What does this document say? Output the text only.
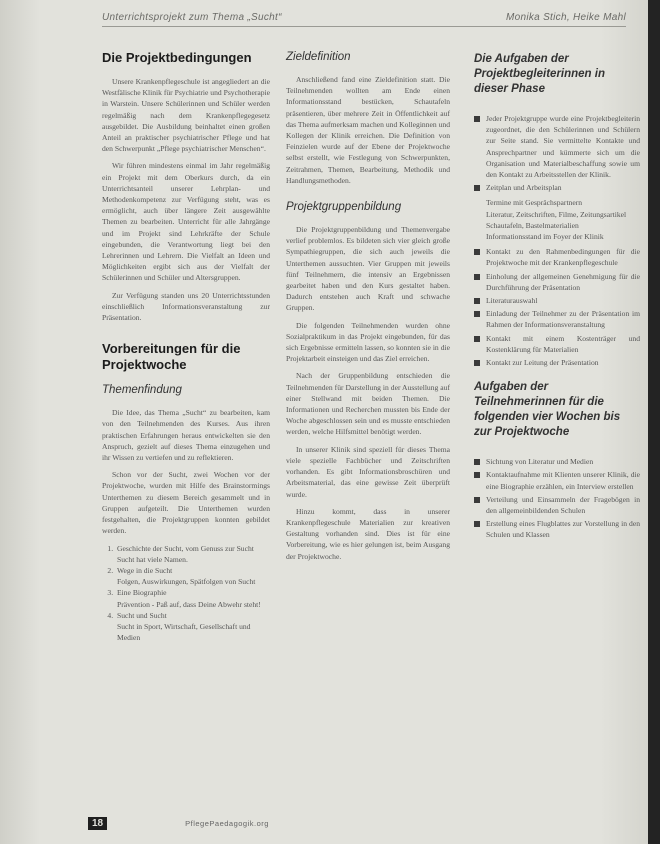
Unterrichtsprojekt zum Thema „Sucht“	Monika Stich, Heike Mahl
Die Projektbedingungen

Unsere Krankenpflegeschule ist angegliedert an die Westfälische Klinik für Psychiatrie und Psychotherapie in Warstein. Unsere Schülerinnen und Schüler werden regelmäßig nach dem Krankenpflegegesetz ausgebildet. Die Ausbildung beinhaltet einen großen Anteil an praktischer psychiatrischer Pflege und hat den Schwerpunkt „Pflege psychiatrischer Menschen“.

Wir führen mindestens einmal im Jahr regelmäßig ein Projekt mit dem Oberkurs durch, da ein Unterrichtsanteil unserer Lehrplan- und Methodenkompetenz zur Verfügung steht, was es ermöglicht, auch über längere Zeit ausgewählte Themen zu bearbeiten. Unterricht für alle Jahrgänge und im Projekt sind Lehrkräfte der Schule eingebunden, die Verantwortung liegt bei den Lehrerinnen und Lehrern. Die Vielfalt an Ideen und Möglichkeiten ergibt sich aus der Vielfalt der Schülerinnen und Schüler und Altersgruppen.

Zur Verfügung standen uns 20 Unterrichtsstunden einschließlich Informationsveranstaltung zur Präsentation.

Vorbereitungen für die Projektwoche
Themenfindung

Die Idee, das Thema „Sucht“ zu bearbeiten, kam von den Teilnehmenden des Kurses. Aus ihren praktischen Erfahrungen heraus entwickelten sie den Anspruch, gezielt auf dieses Thema einzugehen und ihr Wissen zu vertiefen und zu reflektieren.

Schon vor der Sucht, zwei Wochen vor der Projektwoche, wurden mit Hilfe des Brainstormings Unterthemen zu diesem Bereich gesammelt und in Gruppen aufgeteilt. Die Unterthemen wurden festgehalten, die Projektgruppen konnten gebildet werden.

1. Geschichte der Sucht, vom Genuss zur Sucht
Sucht hat viele Namen.
2. Wege in die Sucht
Folgen, Auswirkungen, Spätfolgen von Sucht
3. Eine Biographie
Prävention - Paß auf, dass Deine Abwehr steht!
4. Sucht und Sucht
Sucht in Sport, Wirtschaft, Gesellschaft und Medien
Zieldefinition

Anschließend fand eine Zieldefinition statt. Die Teilnehmenden wollten am Ende einen Informationsstand bestücken, Schautafeln präsentieren, über mehrere Zeit in Öffentlichkeit auf das Thema aufmerksam machen und Kolleginnen und Kollegen der Klinik erreichen. Die Definition von Feinzielen wurde auf der Ebene der Projektwoche selbst erstellt, wie Festlegung von Schwerpunkten, Zeitrahmen, Themen, Bearbeitung, Methodik und Handlungsmethoden.

Projektgruppenbildung

Die Projektgruppenbildung und Themenvergabe verlief problemlos. Es bildeten sich vier gleich große Sympathiegruppen, die sich auch jeweils die Unterthemen aussuchten. Vier Gruppen mit jeweils fünf Teilnehmern, die intensiv an Ergebnissen gearbeitet haben und den Kurs gestaltet haben. Dadurch entstehen auch Kraft und schwache Gruppen.

Die folgenden Teilnehmenden wurden ohne Sozialpraktikum in das Projekt eingebunden, für das sich Ergebnisse ermitteln lassen, so konnten sie in die Projektarbeit einsteigen und das Ziel erreichen.

Nach der Gruppenbildung entschieden die Teilnehmenden für Darstellung in der Ausstellung auf einer Stellwand mit beiden Themen. Die Informationen und Recherchen mussten bis Ende der Woche abgeschlossen sein und es musste entschieden werden, welche Hilfsmittel benötigt werden.

In unserer Klinik sind speziell für dieses Thema viele spezielle Fachbücher und Zeitschriften vorhanden. Es gibt Informationsbroschüren und Arbeitsmaterial, das eine gewisse Zeit überprüft wurde.

Hinzu kommt, dass in unserer Krankenpflegeschule Materialien zur kreativen Gestaltung vorhanden sind. Dies ist für eine Vorbereitung, wie es hier gelungen ist, beim Ausgang der Projektwoche.

Die Aufgaben der Projektbegleiterinnen in dieser Phase
Jeder Projektgruppe wurde eine Projektbegleiterin zugeordnet, die den Schülerinnen und Schülern zur Seite stand. Sie vermittelte Kontakte und Ansprechpartner und kümmerte sich um die Organisation und Materialbeschaffung sowie um den Kontakt zu Arbeitsstellen der Klinik.
Zeitplan und Arbeitsplan
Termine mit Gesprächspartnern
Literatur, Zeitschriften, Filme, Zeitungsartikel
Schautafeln, Bastelmaterialien
Informationsstand im Foyer der Klinik
Kontakt zu den Rahmenbedingungen für die Projektwoche mit der Krankenpflegeschule
Einholung der allgemeinen Genehmigung für die Durchführung der Präsentation
Literaturauswahl
Einladung der Teilnehmer zu der Präsentation im Rahmen der Informationsveranstaltung
Kontakt mit einem Kostenträger und Kostenklärung für Materialien
Kontakt zur Leitung der Präsentation
Aufgaben der Teilnehmerinnen für die folgenden vier Wochen bis zur Projektwoche
Sichtung von Literatur und Medien
Kontaktaufnahme mit Klienten unserer Klinik, die eine Biographie erzählen, ein Interview erstellen
Verteilung und Einsammeln der Fragebögen in den allgemeinbildenden Schulen
Erstellung eines Flugblattes zur Vorstellung in den Schulen und Klassen
18	PflegePaedagogik.org
